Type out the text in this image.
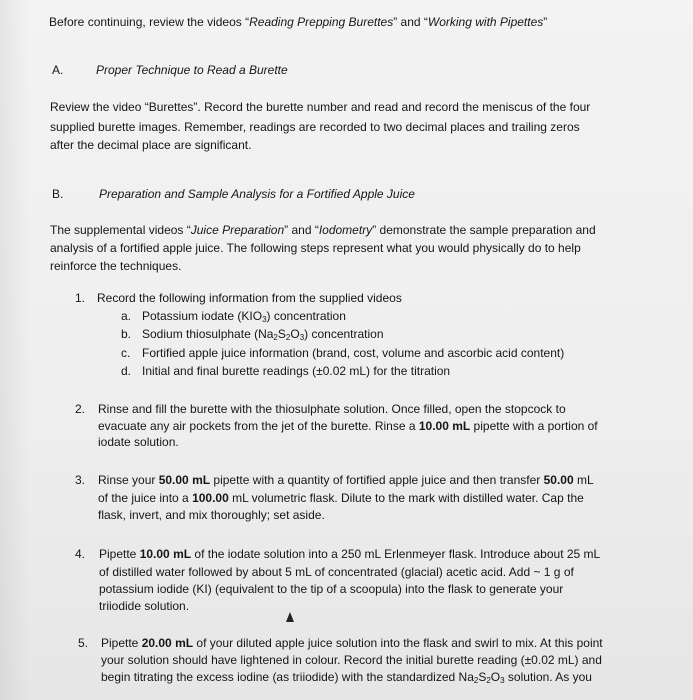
Before continuing, review the videos “Reading Prepping Burettes” and “Working with Pipettes”
A.	Proper Technique to Read a Burette
Review the video “Burettes”. Record the burette number and read and record the meniscus of the four
supplied burette images. Remember, readings are recorded to two decimal places and trailing zeros
after the decimal place are significant.
B.	Preparation and Sample Analysis for a Fortified Apple Juice
The supplemental videos “Juice Preparation” and “Iodometry” demonstrate the sample preparation and
analysis of a fortified apple juice. The following steps represent what you would physically do to help
reinforce the techniques.
1. Record the following information from the supplied videos
a. Potassium iodate $(KIO_3)$ concentration
b. Sodium thiosulphate $(Na_2S_2O_3)$ concentration
c. Fortified apple juice information (brand, cost, volume and ascorbic acid content)
d. Initial and final burette readings (±0.02 mL) for the titration
2. Rinse and fill the burette with the thiosulphate solution. Once filled, open the stopcock to
evacuate any air pockets from the jet of the burette. Rinse a 10.00 mL pipette with a portion of
iodate solution.
3. Rinse your 50.00 mL pipette with a quantity of fortified apple juice and then transfer 50.00 mL
of the juice into a 100.00 mL volumetric flask. Dilute to the mark with distilled water. Cap the
flask, invert, and mix thoroughly; set aside.
4. Pipette 10.00 mL of the iodate solution into a 250 mL Erlenmeyer flask. Introduce about 25 mL
of distilled water followed by about 5 mL of concentrated (glacial) acetic acid. Add ~ 1 g of
potassium iodide (KI) (equivalent to the tip of a scoopula) into the flask to generate your
triiodide solution.
5. Pipette 20.00 mL of your diluted apple juice solution into the flask and swirl to mix. At this point
your solution should have lightened in colour. Record the initial burette reading (±0.02 mL) and
begin titrating the excess iodine (as triiodide) with the standardized $Na_2S_2O_3$ solution. As you
